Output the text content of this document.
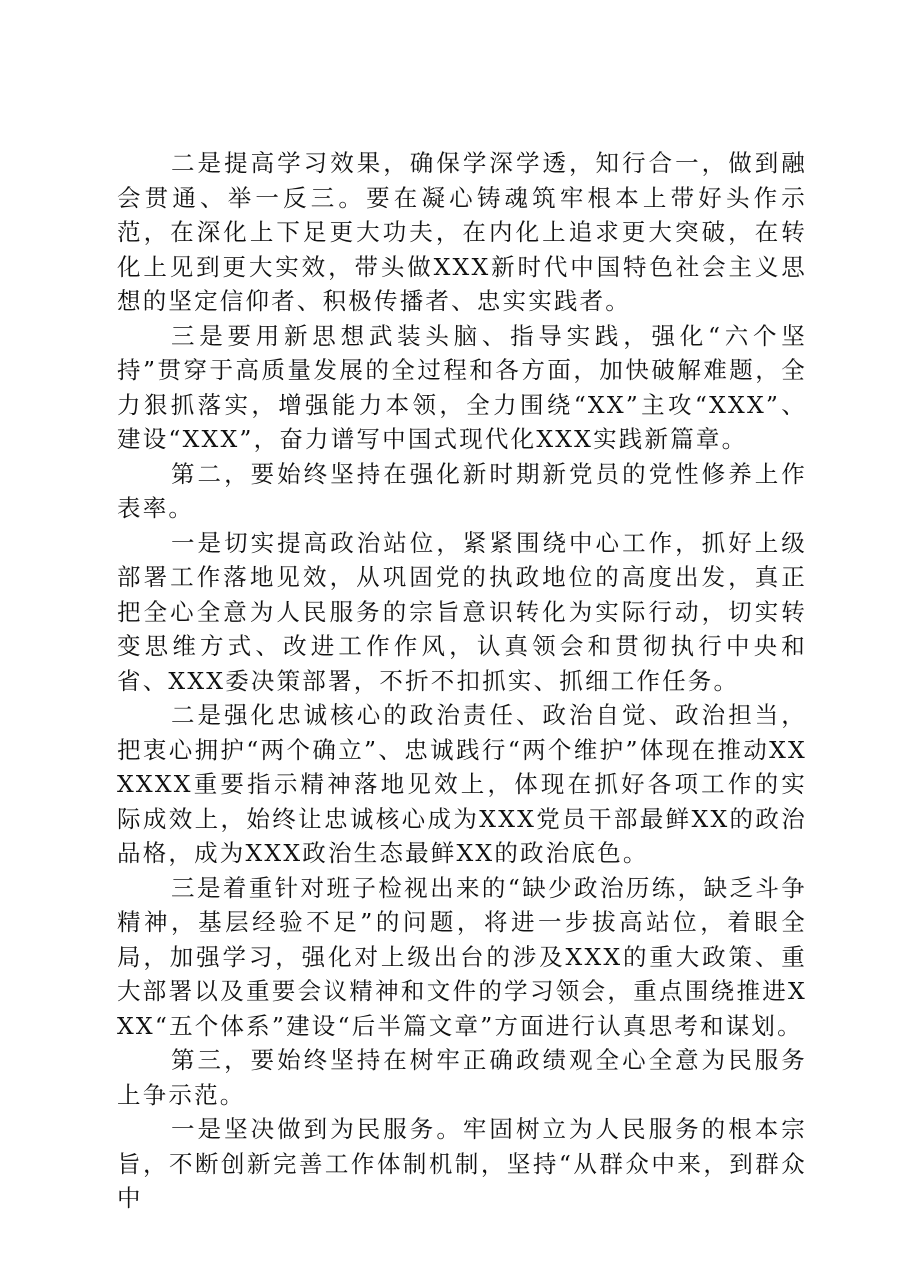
二是提高学习效果，确保学深学透，知行合一，做到融会贯通、举一反三。要在凝心铸魂筑牢根本上带好头作示范，在深化上下足更大功夫，在内化上追求更大突破，在转化上见到更大实效，带头做XXX新时代中国特色社会主义思想的坚定信仰者、积极传播者、忠实实践者。

三是要用新思想武装头脑、指导实践，强化“六个坚持”贯穿于高质量发展的全过程和各方面，加快破解难题，全力狠抓落实，增强能力本领，全力围绕“XX”主攻“XXX”、建设“XXX”，奋力谱写中国式现代化XXX实践新篇章。

第二，要始终坚持在强化新时期新党员的党性修养上作表率。

一是切实提高政治站位，紧紧围绕中心工作，抓好上级部署工作落地见效，从巩固党的执政地位的高度出发，真正把全心全意为人民服务的宗旨意识转化为实际行动，切实转变思维方式、改进工作作风，认真领会和贯彻执行中央和省、XXX委决策部署，不折不扣抓实、抓细工作任务。

二是强化忠诚核心的政治责任、政治自觉、政治担当，把衷心拥护“两个确立”、忠诚践行“两个维护”体现在推动XXXXXX重要指示精神落地见效上，体现在抓好各项工作的实际成效上，始终让忠诚核心成为XXX党员干部最鲜XX的政治品格，成为XXX政治生态最鲜XX的政治底色。

三是着重针对班子检视出来的“缺少政治历练，缺乏斗争精神，基层经验不足”的问题，将进一步拔高站位，着眼全局，加强学习，强化对上级出台的涉及XXX的重大政策、重大部署以及重要会议精神和文件的学习领会，重点围绕推进XXX“五个体系”建设“后半篇文章”方面进行认真思考和谋划。

第三，要始终坚持在树牢正确政绩观全心全意为民服务上争示范。

一是坚决做到为民服务。牢固树立为人民服务的根本宗旨，不断创新完善工作体制机制，坚持“从群众中来，到群众中
